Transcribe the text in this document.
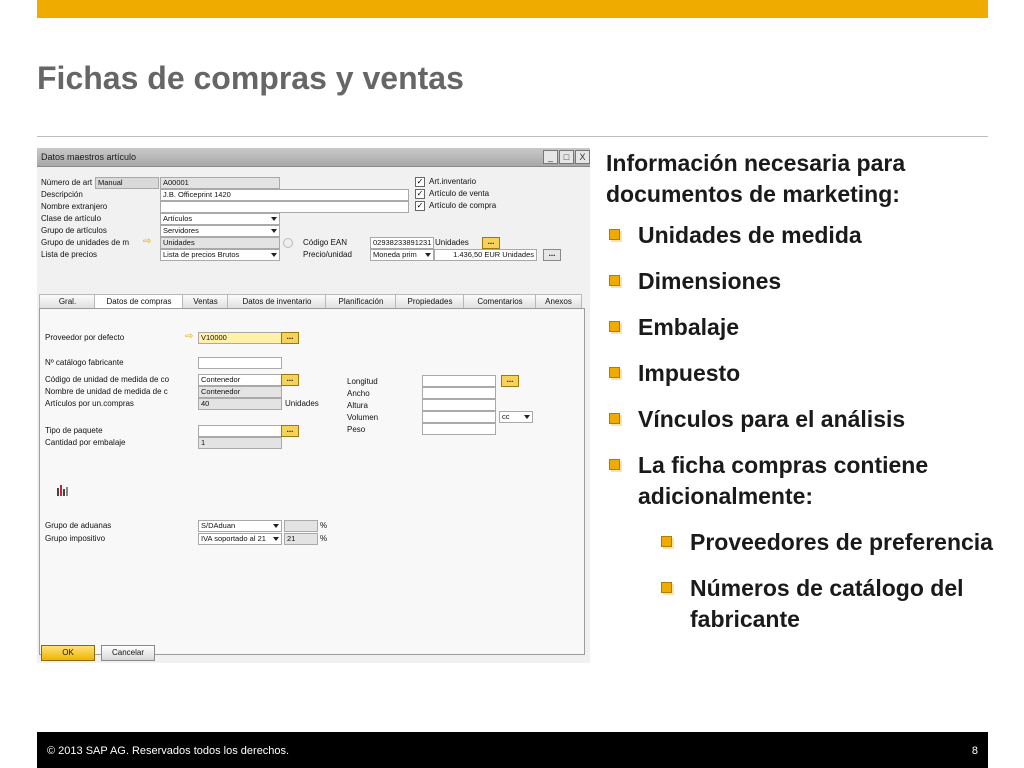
Fichas de compras y ventas
Datos maestros artículo	_	□	X
Número de art Manual	A00001
Descripción	J.B. Officeprint 1420
Nombre extranjero
Clase de artículo	Artículos
Grupo de artículos	Servidores
Grupo de unidades de m ⇨	Unidades
Lista de precios	Lista de precios Brutos
✓ Art.inventario
✓ Artículo de venta
✓ Artículo de compra
Código EAN	02938233891231 Unidades	...
Precio/unidad	Moneda prim	1.436,50 EUR Unidades	...
Gral.	Datos de compras	Ventas	Datos de inventario	Planificación	Propiedades	Comentarios	Anexos
Proveedor por defecto	⇨	V10000	...
Nº catálogo fabricante
Código de unidad de medida de co	Contenedor	...
Nombre de unidad de medida de c	Contenedor
Artículos por un.compras	40	Unidades
Tipo de paquete	...
Cantidad por embalaje	1
Longitud	...
Ancho
Altura
Volumen	cc
Peso
Grupo de aduanas	S/DAduan	%
Grupo impositivo	IVA soportado al 21	21	%
OK	Cancelar

Información necesaria para documentos de marketing:

Unidades de medida
Dimensiones
Embalaje
Impuesto
Vínculos para el análisis
La ficha compras contiene adicionalmente:
Proveedores de preferencia
Números de catálogo del fabricante
© 2013 SAP AG. Reservados todos los derechos.	8
